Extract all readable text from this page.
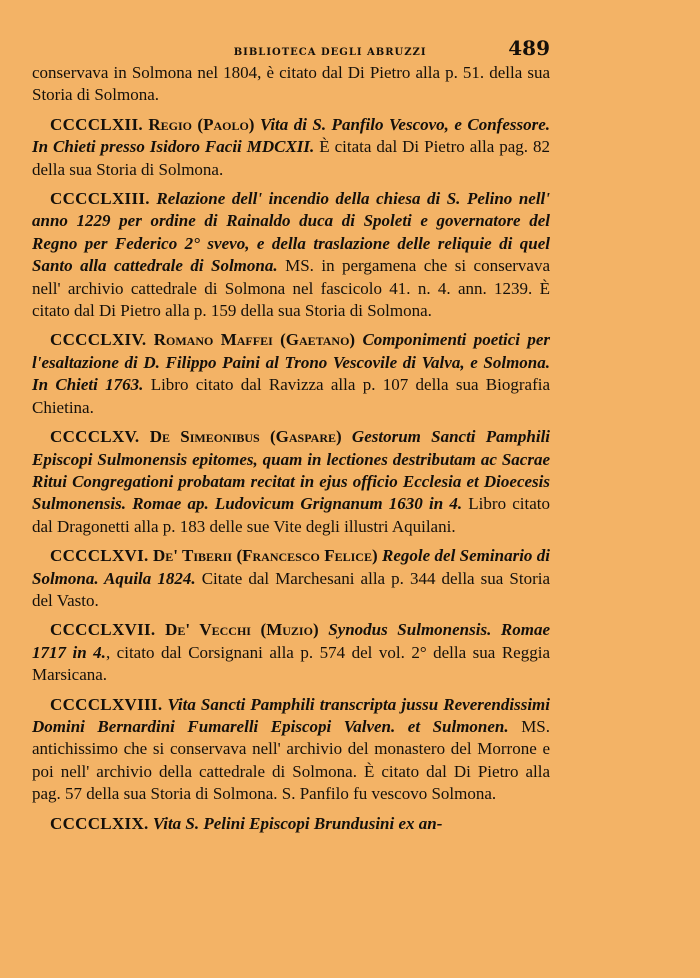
BIBLIOTECA DEGLI ABRUZZI	489

conservava in Solmona nel 1804, è citato dal Di Pietro alla p. 51. della sua Storia di Solmona.

CCCCLXII. Regio (Paolo) Vita di S. Panfilo Vescovo, e Confessore. In Chieti presso Isidoro Facii MDCXII. È citata dal Di Pietro alla pag. 82 della sua Storia di Solmona.

CCCCLXIII. Relazione dell' incendio della chiesa di S. Pelino nell' anno 1229 per ordine di Rainaldo duca di Spoleti e governatore del Regno per Federico 2° svevo, e della traslazione delle reliquie di quel Santo alla cattedrale di Solmona. MS. in pergamena che si conservava nell' archivio cattedrale di Solmona nel fascicolo 41. n. 4. ann. 1239. È citato dal Di Pietro alla p. 159 della sua Storia di Solmona.

CCCCLXIV. Romano Maffei (Gaetano) Componimenti poetici per l'esaltazione di D. Filippo Paini al Trono Vescovile di Valva, e Solmona. In Chieti 1763. Libro citato dal Ravizza alla p. 107 della sua Biografia Chietina.

CCCCLXV. De Simeonibus (Gaspare) Gestorum Sancti Pamphili Episcopi Sulmonensis epitomes, quam in lectiones destributam ac Sacrae Ritui Congregationi probatam recitat in ejus officio Ecclesia et Dioecesis Sulmonensis. Romae ap. Ludovicum Grignanum 1630 in 4. Libro citato dal Dragonetti alla p. 183 delle sue Vite degli illustri Aquilani.

CCCCLXVI. De' Tiberii (Francesco Felice) Regole del Seminario di Solmona. Aquila 1824. Citate dal Marchesani alla p. 344 della sua Storia del Vasto.

CCCCLXVII. De' Vecchi (Muzio) Synodus Sulmonensis. Romae 1717 in 4., citato dal Corsignani alla p. 574 del vol. 2° della sua Reggia Marsicana.

CCCCLXVIII. Vita Sancti Pamphili transcripta jussu Reverendissimi Domini Bernardini Fumarelli Episcopi Valven. et Sulmonen. MS. antichissimo che si conservava nell' archivio del monastero del Morrone e poi nell' archivio della cattedrale di Solmona. È citato dal Di Pietro alla pag. 57 della sua Storia di Solmona. S. Panfilo fu vescovo Solmona.

CCCCLXIX. Vita S. Pelini Episcopi Brundusini ex an-
